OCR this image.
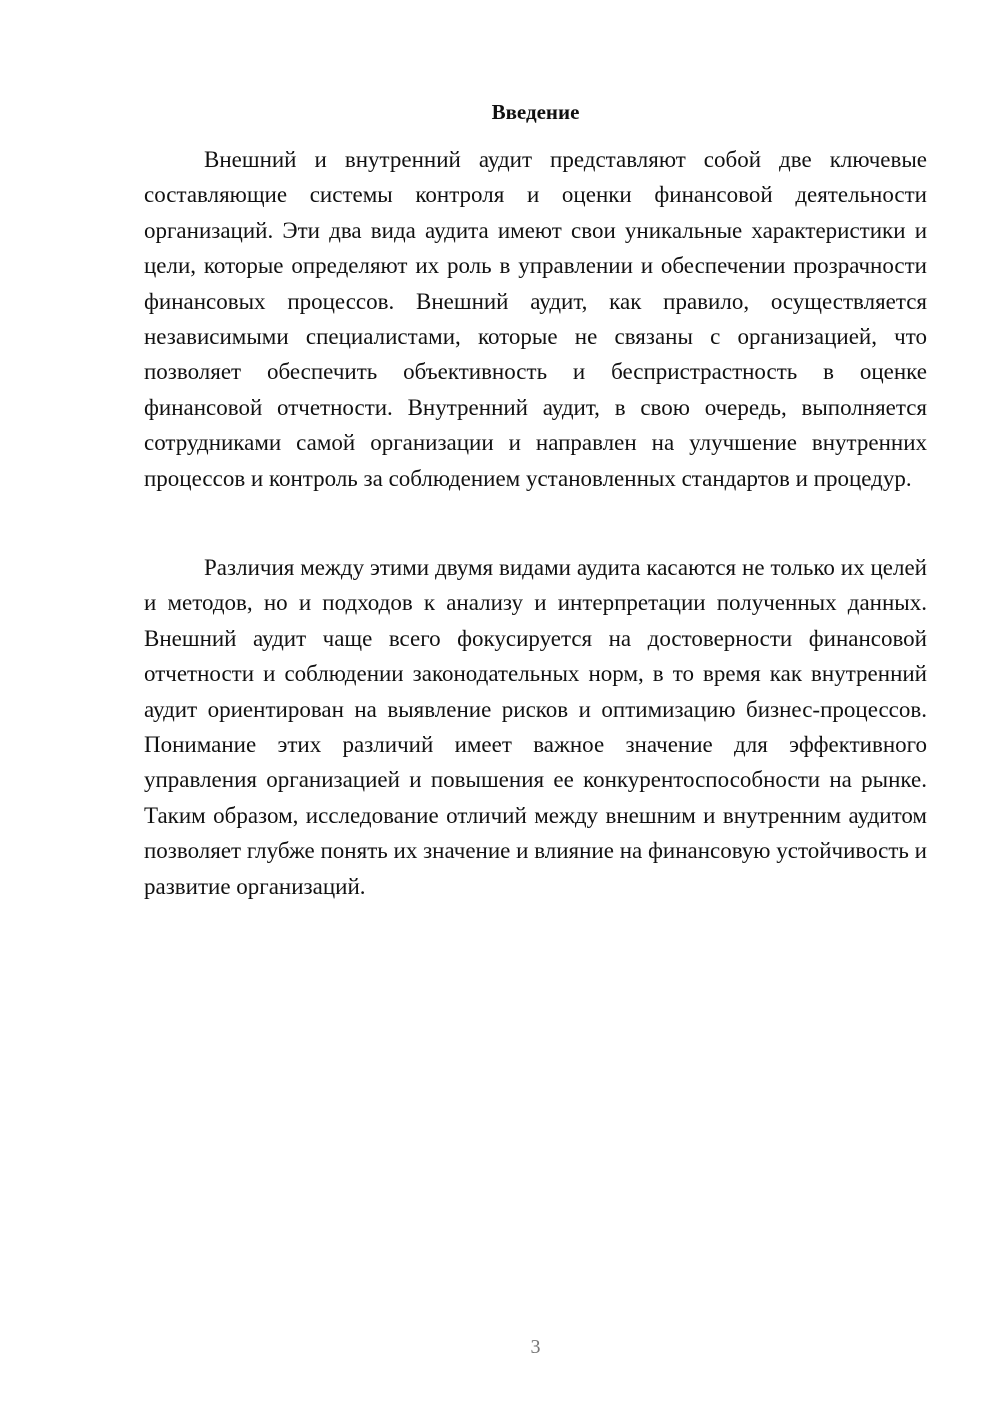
Введение

Внешний и внутренний аудит представляют собой две ключевые составляющие системы контроля и оценки финансовой деятельности организаций. Эти два вида аудита имеют свои уникальные характеристики и цели, которые определяют их роль в управлении и обеспечении прозрачности финансовых процессов. Внешний аудит, как правило, осуществляется независимыми специалистами, которые не связаны с организацией, что позволяет обеспечить объективность и беспристрастность в оценке финансовой отчетности. Внутренний аудит, в свою очередь, выполняется сотрудниками самой организации и направлен на улучшение внутренних процессов и контроль за соблюдением установленных стандартов и процедур.

Различия между этими двумя видами аудита касаются не только их целей и методов, но и подходов к анализу и интерпретации полученных данных. Внешний аудит чаще всего фокусируется на достоверности финансовой отчетности и соблюдении законодательных норм, в то время как внутренний аудит ориентирован на выявление рисков и оптимизацию бизнес-процессов. Понимание этих различий имеет важное значение для эффективного управления организацией и повышения ее конкурентоспособности на рынке. Таким образом, исследование отличий между внешним и внутренним аудитом позволяет глубже понять их значение и влияние на финансовую устойчивость и развитие организаций.

3
